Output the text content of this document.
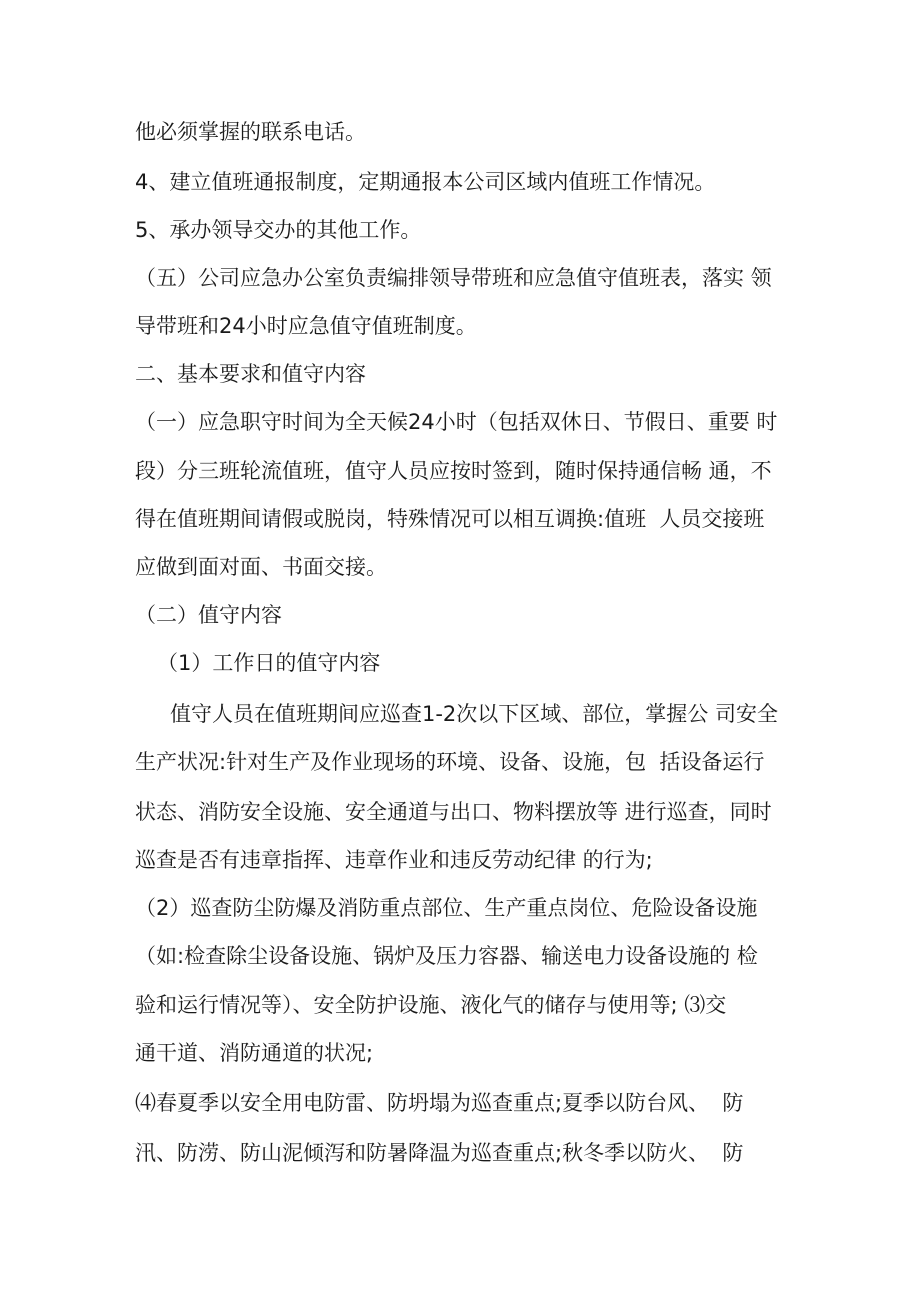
他必须掌握的联系电话。
4、建立值班通报制度，定期通报本公司区域内值班工作情况。
5、承办领导交办的其他工作。
（五）公司应急办公室负责编排领导带班和应急值守值班表，落实 领
导带班和24小时应急值守值班制度。
二、基本要求和值守内容
（一）应急职守时间为全天候24小时（包括双休日、节假日、重要 时
段）分三班轮流值班，值守人员应按时签到，随时保持通信畅 通，不
得在值班期间请假或脱岗，特殊情况可以相互调换:值班  人员交接班
应做到面对面、书面交接。
（二）值守内容
（1）工作日的值守内容
值守人员在值班期间应巡查1-2次以下区域、部位，掌握公 司安全
生产状况:针对生产及作业现场的环境、设备、设施，包  括设备运行
状态、消防安全设施、安全通道与出口、物料摆放等 进行巡查，同时
巡查是否有违章指挥、违章作业和违反劳动纪律 的行为;
（2）巡查防尘防爆及消防重点部位、生产重点岗位、危险设备设施
（如:检查除尘设备设施、锅炉及压力容器、输送电力设备设施的 检
验和运行情况等）、安全防护设施、液化气的储存与使用等; ⑶交
通干道、消防通道的状况;
⑷春夏季以安全用电防雷、防坍塌为巡查重点;夏季以防台风、  防
汛、防涝、防山泥倾泻和防暑降温为巡查重点;秋冬季以防火、  防
